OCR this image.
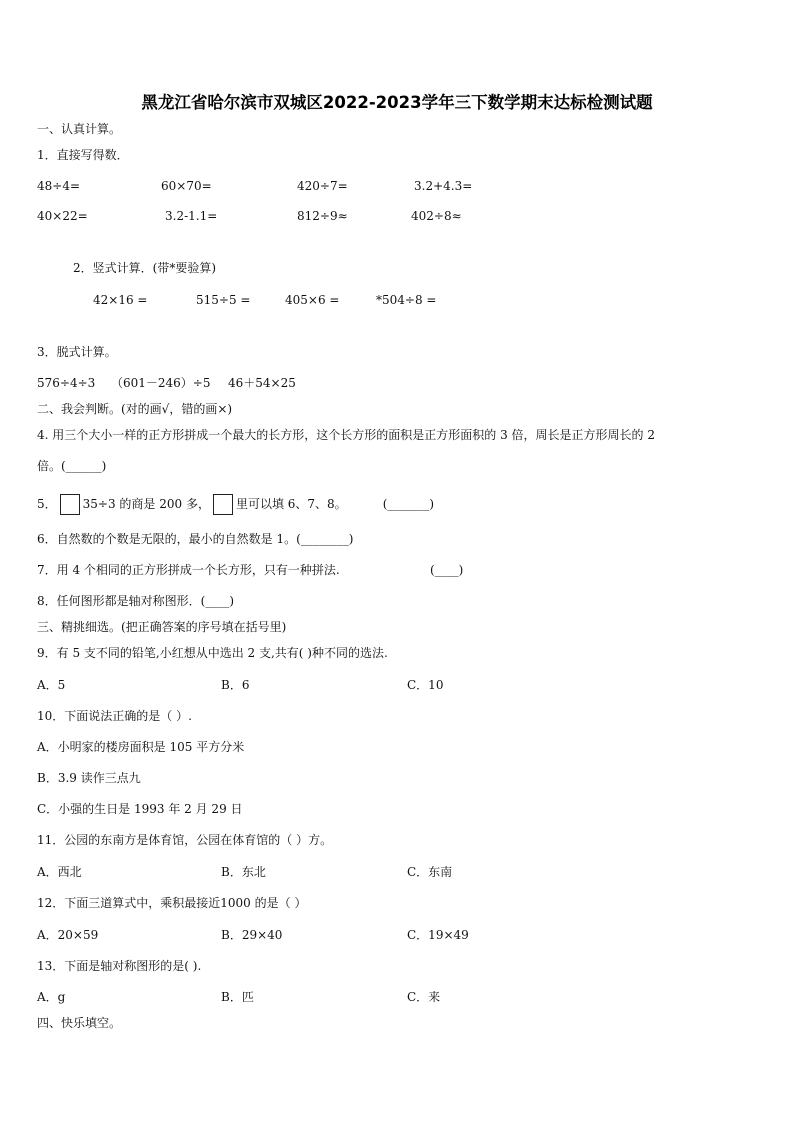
黑龙江省哈尔滨市双城区2022-2023学年三下数学期末达标检测试题
一、认真计算。
1．直接写得数．
48÷4=	60×70=	420÷7=	3.2+4.3=
40×22=	3.2-1.1=	812÷9≈	402÷8≈
2．竖式计算．(带*要验算)
42×16 =	515÷5 =	405×6 =	*504÷8 =
3．脱式计算。
576÷4÷3 （601－246）÷5 46＋54×25
二、我会判断。(对的画√，错的画×)
4. 用三个大小一样的正方形拼成一个最大的长方形，这个长方形的面积是正方形面积的 3 倍，周长是正方形周长的 2
倍。(______)
5． 35÷3 的商是 200 多， 里可以填 6、7、8。	(_______)
6．自然数的个数是无限的，最小的自然数是 1。(________)
7．用 4 个相同的正方形拼成一个长方形，只有一种拼法.	(____)
8．任何图形都是轴对称图形．(____)
三、精挑细选。(把正确答案的序号填在括号里)
9．有 5 支不同的铅笔,小红想从中选出 2 支,共有( )种不同的选法.
A．5	B．6	C．10
10．下面说法正确的是（ ）.
A．小明家的楼房面积是 105 平方分米
B．3.9 读作三点九
C．小强的生日是 1993 年 2 月 29 日
11．公园的东南方是体育馆，公园在体育馆的（ ）方。
A．西北	B．东北	C．东南
12．下面三道算式中，乘积最接近1000 的是（ ）
A．20×59	B．29×40	C．19×49
13．下面是轴对称图形的是( ).
A．g	B．匹	C．来
四、快乐填空。
